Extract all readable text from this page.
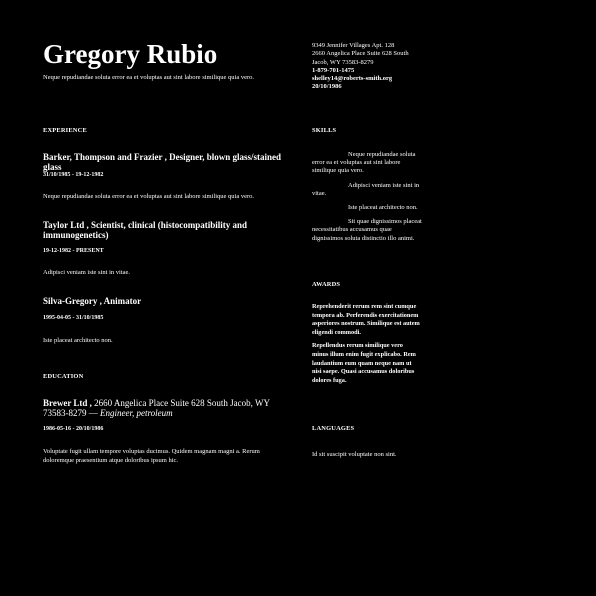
Gregory Rubio
Neque repudiandae soluta error ea et voluptas aut sint labore similique quia vero.
9349 Jennifer Villages Apt. 128
2660 Angelica Place Suite 628 South
Jacob, WY 73583-8279
1-879-701-1475
shelley14@roberts-smith.org
20/10/1986
EXPERIENCE
Barker, Thompson and Frazier , Designer, blown glass/stained glass
31/10/1985 - 19-12-1982
Neque repudiandae soluta error ea et voluptas aut sint labore similique quia vero.
Taylor Ltd , Scientist, clinical (histocompatibility and immunogenetics)
19-12-1982 - PRESENT
Adipisci veniam iste sint in vitae.
Silva-Gregory , Animator
1995-04-05 - 31/10/1985
Iste placeat architecto non.
EDUCATION
Brewer Ltd , 2660 Angelica Place Suite 628 South Jacob, WY 73583-8279 — Engineer, petroleum
1986-05-16 - 20/10/1986
Voluptate fugit ullam tempore voluptas ducimus. Quidem magnam magni a. Rerum doloremque praesentium atque doloribus ipsum hic.
SKILLS

Neque repudiandae soluta error ea et voluptas aut sint labore similique quia vero.

Adipisci veniam iste sint in vitae.

Iste placeat architecto non.

Sit quae dignissimos placeat necessitatibus accusamus quae dignissimos soluta distinctio illo animi.

AWARDS

Reprehenderit rerum rem sint cumque tempora ab. Perferendis exercitationem asperiores nostrum. Similique est autem eligendi commodi.

Repellendus rerum similique vero minus illum enim fugit explicabo. Rem laudantium eum quam neque nam ut nisi saepe. Quasi accusamus doloribus dolores fuga.

LANGUAGES
Id sit suscipit voluptate non sint.
